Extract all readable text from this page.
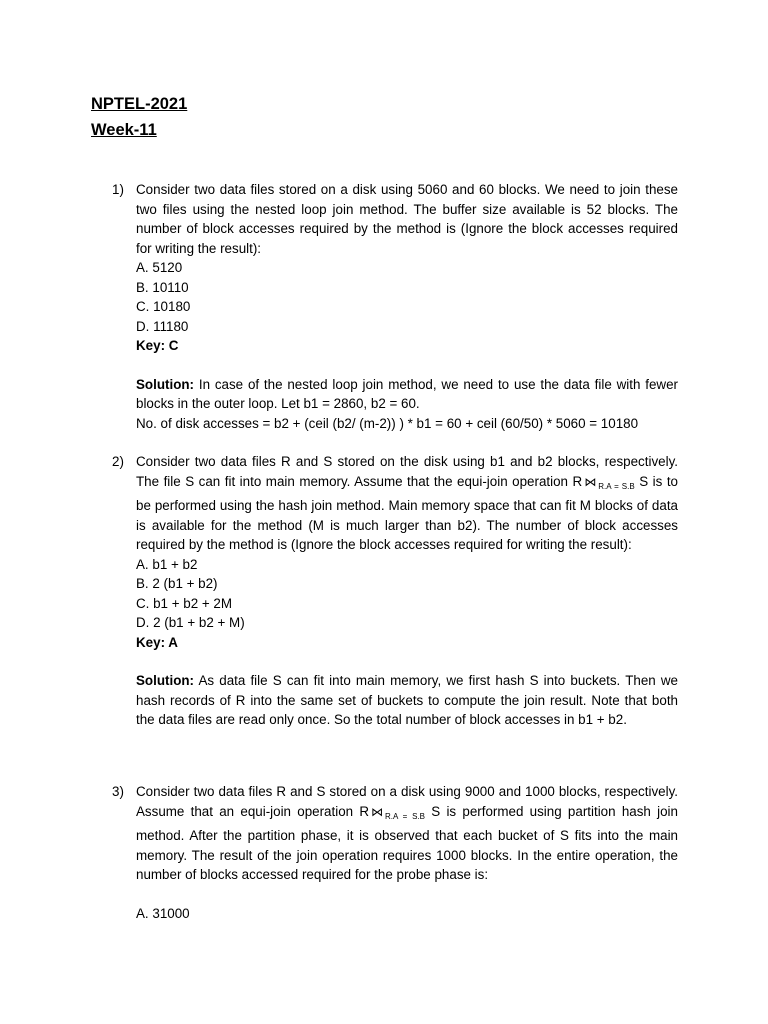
NPTEL-2021
Week-11
1) Consider two data files stored on a disk using 5060 and 60 blocks. We need to join these two files using the nested loop join method. The buffer size available is 52 blocks. The number of block accesses required by the method is (Ignore the block accesses required for writing the result):
A. 5120
B. 10110
C. 10180
D. 11180
Key: C
Solution: In case of the nested loop join method, we need to use the data file with fewer blocks in the outer loop. Let b1 = 2860, b2 = 60.
No. of disk accesses = b2 + (ceil (b2/ (m-2)) ) * b1 = 60 + ceil (60/50) * 5060 = 10180
2) Consider two data files R and S stored on the disk using b1 and b2 blocks, respectively. The file S can fit into main memory. Assume that the equi-join operation R ⋈ $_{R.A = S.B}$ S is to be performed using the hash join method. Main memory space that can fit M blocks of data is available for the method (M is much larger than b2). The number of block accesses required by the method is (Ignore the block accesses required for writing the result):
A. b1 + b2
B. 2 (b1 + b2)
C. b1 + b2 + 2M
D. 2 (b1 + b2 + M)
Key: A
Solution: As data file S can fit into main memory, we first hash S into buckets. Then we hash records of R into the same set of buckets to compute the join result. Note that both the data files are read only once. So the total number of block accesses in b1 + b2.
3) Consider two data files R and S stored on a disk using 9000 and 1000 blocks, respectively. Assume that an equi-join operation R ⋈ $_{R.A = S.B}$ S is performed using partition hash join method. After the partition phase, it is observed that each bucket of S fits into the main memory. The result of the join operation requires 1000 blocks. In the entire operation, the number of blocks accessed required for the probe phase is:
A. 31000
